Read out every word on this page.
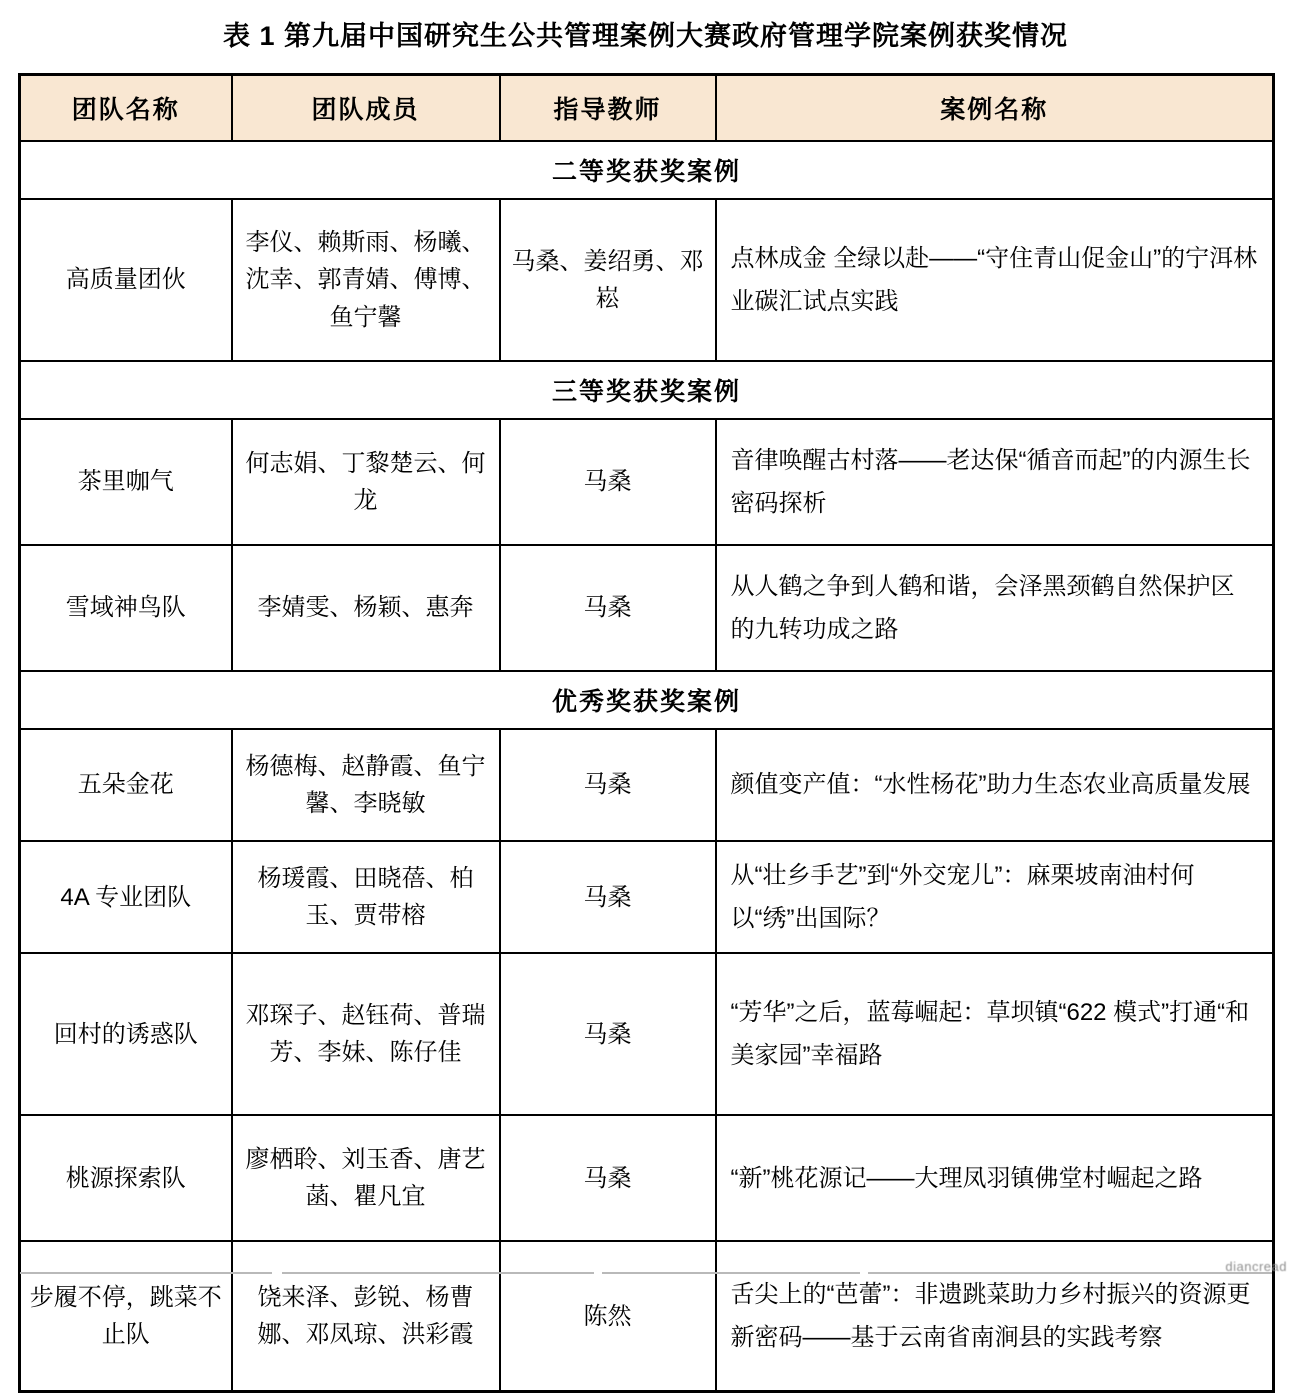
表 1 第九届中国研究生公共管理案例大赛政府管理学院案例获奖情况
团队名称	团队成员	指导教师	案例名称
二等奖获奖案例			
高质量团伙	李仪、赖斯雨、杨曦、沈幸、郭青婧、傅博、鱼宁馨	马桑、姜绍勇、邓崧	点林成金 全绿以赴——“守住青山促金山”的宁洱林业碳汇试点实践
三等奖获奖案例			
茶里咖气	何志娟、丁黎楚云、何龙	马桑	音律唤醒古村落——老达保“循音而起”的内源生长密码探析
雪域神鸟队	李婧雯、杨颖、惠奔	马桑	从人鹤之争到人鹤和谐，会泽黑颈鹤自然保护区的九转功成之路
优秀奖获奖案例			
五朵金花	杨德梅、赵静霞、鱼宁馨、李晓敏	马桑	颜值变产值：“水性杨花”助力生态农业高质量发展
4A 专业团队	杨瑗霞、田晓蓓、柏玉、贾带榕	马桑	从“壮乡手艺”到“外交宠儿”：麻栗坡南油村何以“绣”出国际？
回村的诱惑队	邓琛子、赵钰荷、普瑞芳、李妹、陈仔佳	马桑	“芳华”之后，蓝莓崛起：草坝镇“622 模式”打通“和美家园”幸福路
桃源探索队	廖栖聆、刘玉香、唐艺菡、瞿凡宜	马桑	“新”桃花源记——大理凤羽镇佛堂村崛起之路
步履不停，跳菜不止队	饶来泽、彭锐、杨曹娜、邓凤琼、洪彩霞	陈然	舌尖上的“芭蕾”：非遗跳菜助力乡村振兴的资源更新密码——基于云南省南涧县的实践考察
diancread
